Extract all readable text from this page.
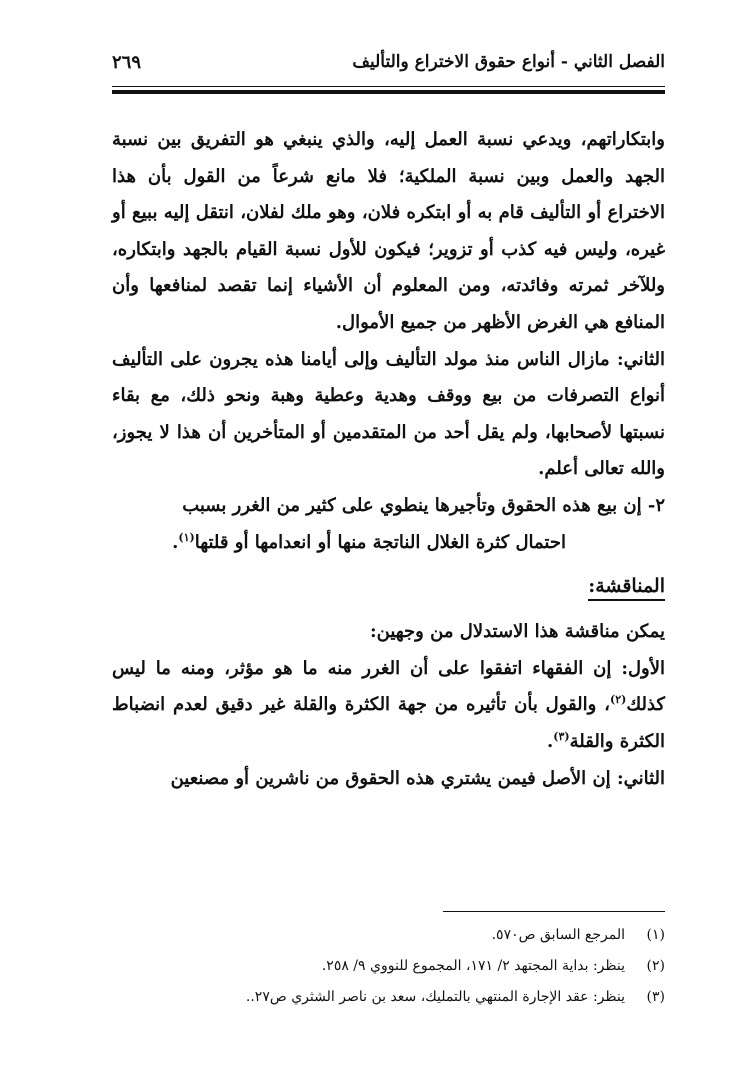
الفصل الثاني - أنواع حقوق الاختراع والتأليف
٢٦٩

وابتكاراتهم، ويدعي نسبة العمل إليه، والذي ينبغي هو التفريق بين نسبة الجهد والعمل وبين نسبة الملكية؛ فلا مانع شرعاً من القول بأن هذا الاختراع أو التأليف قام به أو ابتكره فلان، وهو ملك لفلان، انتقل إليه ببيع أو غيره، وليس فيه كذب أو تزوير؛ فيكون للأول نسبة القيام بالجهد وابتكاره، وللآخر ثمرته وفائدته، ومن المعلوم أن الأشياء إنما تقصد لمنافعها وأن المنافع هي الغرض الأظهر من جميع الأموال.

الثاني: مازال الناس منذ مولد التأليف وإلى أيامنا هذه يجرون على التأليف أنواع التصرفات من بيع ووقف وهدية وعطية وهبة ونحو ذلك، مع بقاء نسبتها لأصحابها، ولم يقل أحد من المتقدمين أو المتأخرين أن هذا لا يجوز، والله تعالى أعلم.

٢- إن بيع هذه الحقوق وتأجيرها ينطوي على كثير من الغرر بسبب

احتمال كثرة الغلال الناتجة منها أو انعدامها أو قلتها$^{(١)}$.

المناقشة:

يمكن مناقشة هذا الاستدلال من وجهين:

الأول: إن الفقهاء اتفقوا على أن الغرر منه ما هو مؤثر، ومنه ما ليس كذلك$^{(٢)}$، والقول بأن تأثيره من جهة الكثرة والقلة غير دقيق لعدم انضباط الكثرة والقلة$^{(٣)}$.

الثاني: إن الأصل فيمن يشتري هذه الحقوق من ناشرين أو مصنعين

(١)
المرجع السابق ص٥٧٠.
(٢)
ينظر: بداية المجتهد ٢/ ١٧١، المجموع للنووي ٩/ ٢٥٨.
(٣)
ينظر: عقد الإجارة المنتهي بالتمليك، سعد بن ناصر الشثري ص٢٧..
